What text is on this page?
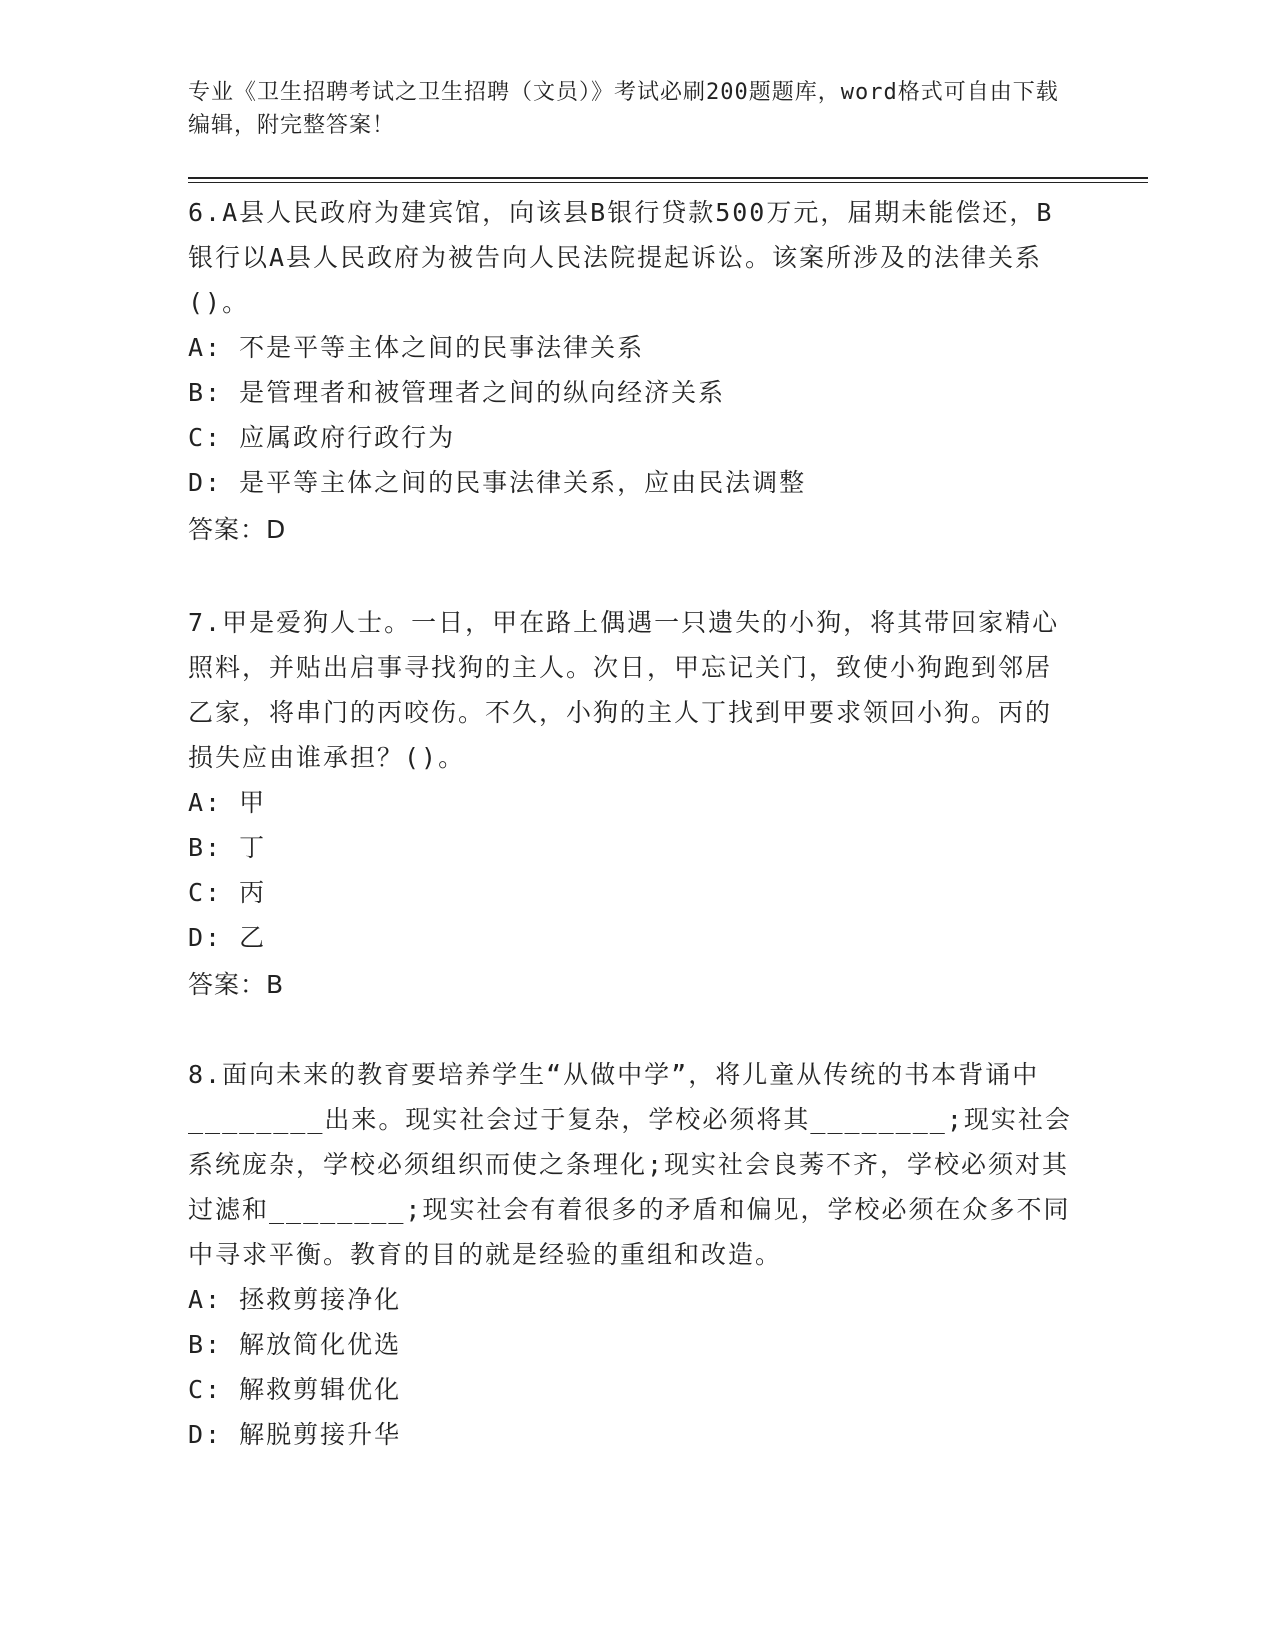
专业《卫生招聘考试之卫生招聘（文员）》考试必刷200题题库，word格式可自由下载编辑，附完整答案！

6.A县人民政府为建宾馆，向该县B银行贷款500万元，届期未能偿还，B银行以A县人民政府为被告向人民法院提起诉讼。该案所涉及的法律关系()。

A: 不是平等主体之间的民事法律关系
B: 是管理者和被管理者之间的纵向经济关系
C: 应属政府行政行为
D: 是平等主体之间的民事法律关系，应由民法调整
答案：D

7.甲是爱狗人士。一日，甲在路上偶遇一只遗失的小狗，将其带回家精心照料，并贴出启事寻找狗的主人。次日，甲忘记关门，致使小狗跑到邻居乙家，将串门的丙咬伤。不久，小狗的主人丁找到甲要求领回小狗。丙的损失应由谁承担？()。

A: 甲
B: 丁
C: 丙
D: 乙
答案：B

8.面向未来的教育要培养学生“从做中学”，将儿童从传统的书本背诵中________出来。现实社会过于复杂，学校必须将其________;现实社会系统庞杂，学校必须组织而使之条理化;现实社会良莠不齐，学校必须对其过滤和________;现实社会有着很多的矛盾和偏见，学校必须在众多不同中寻求平衡。教育的目的就是经验的重组和改造。

A: 拯救剪接净化
B: 解放简化优选
C: 解救剪辑优化
D: 解脱剪接升华
